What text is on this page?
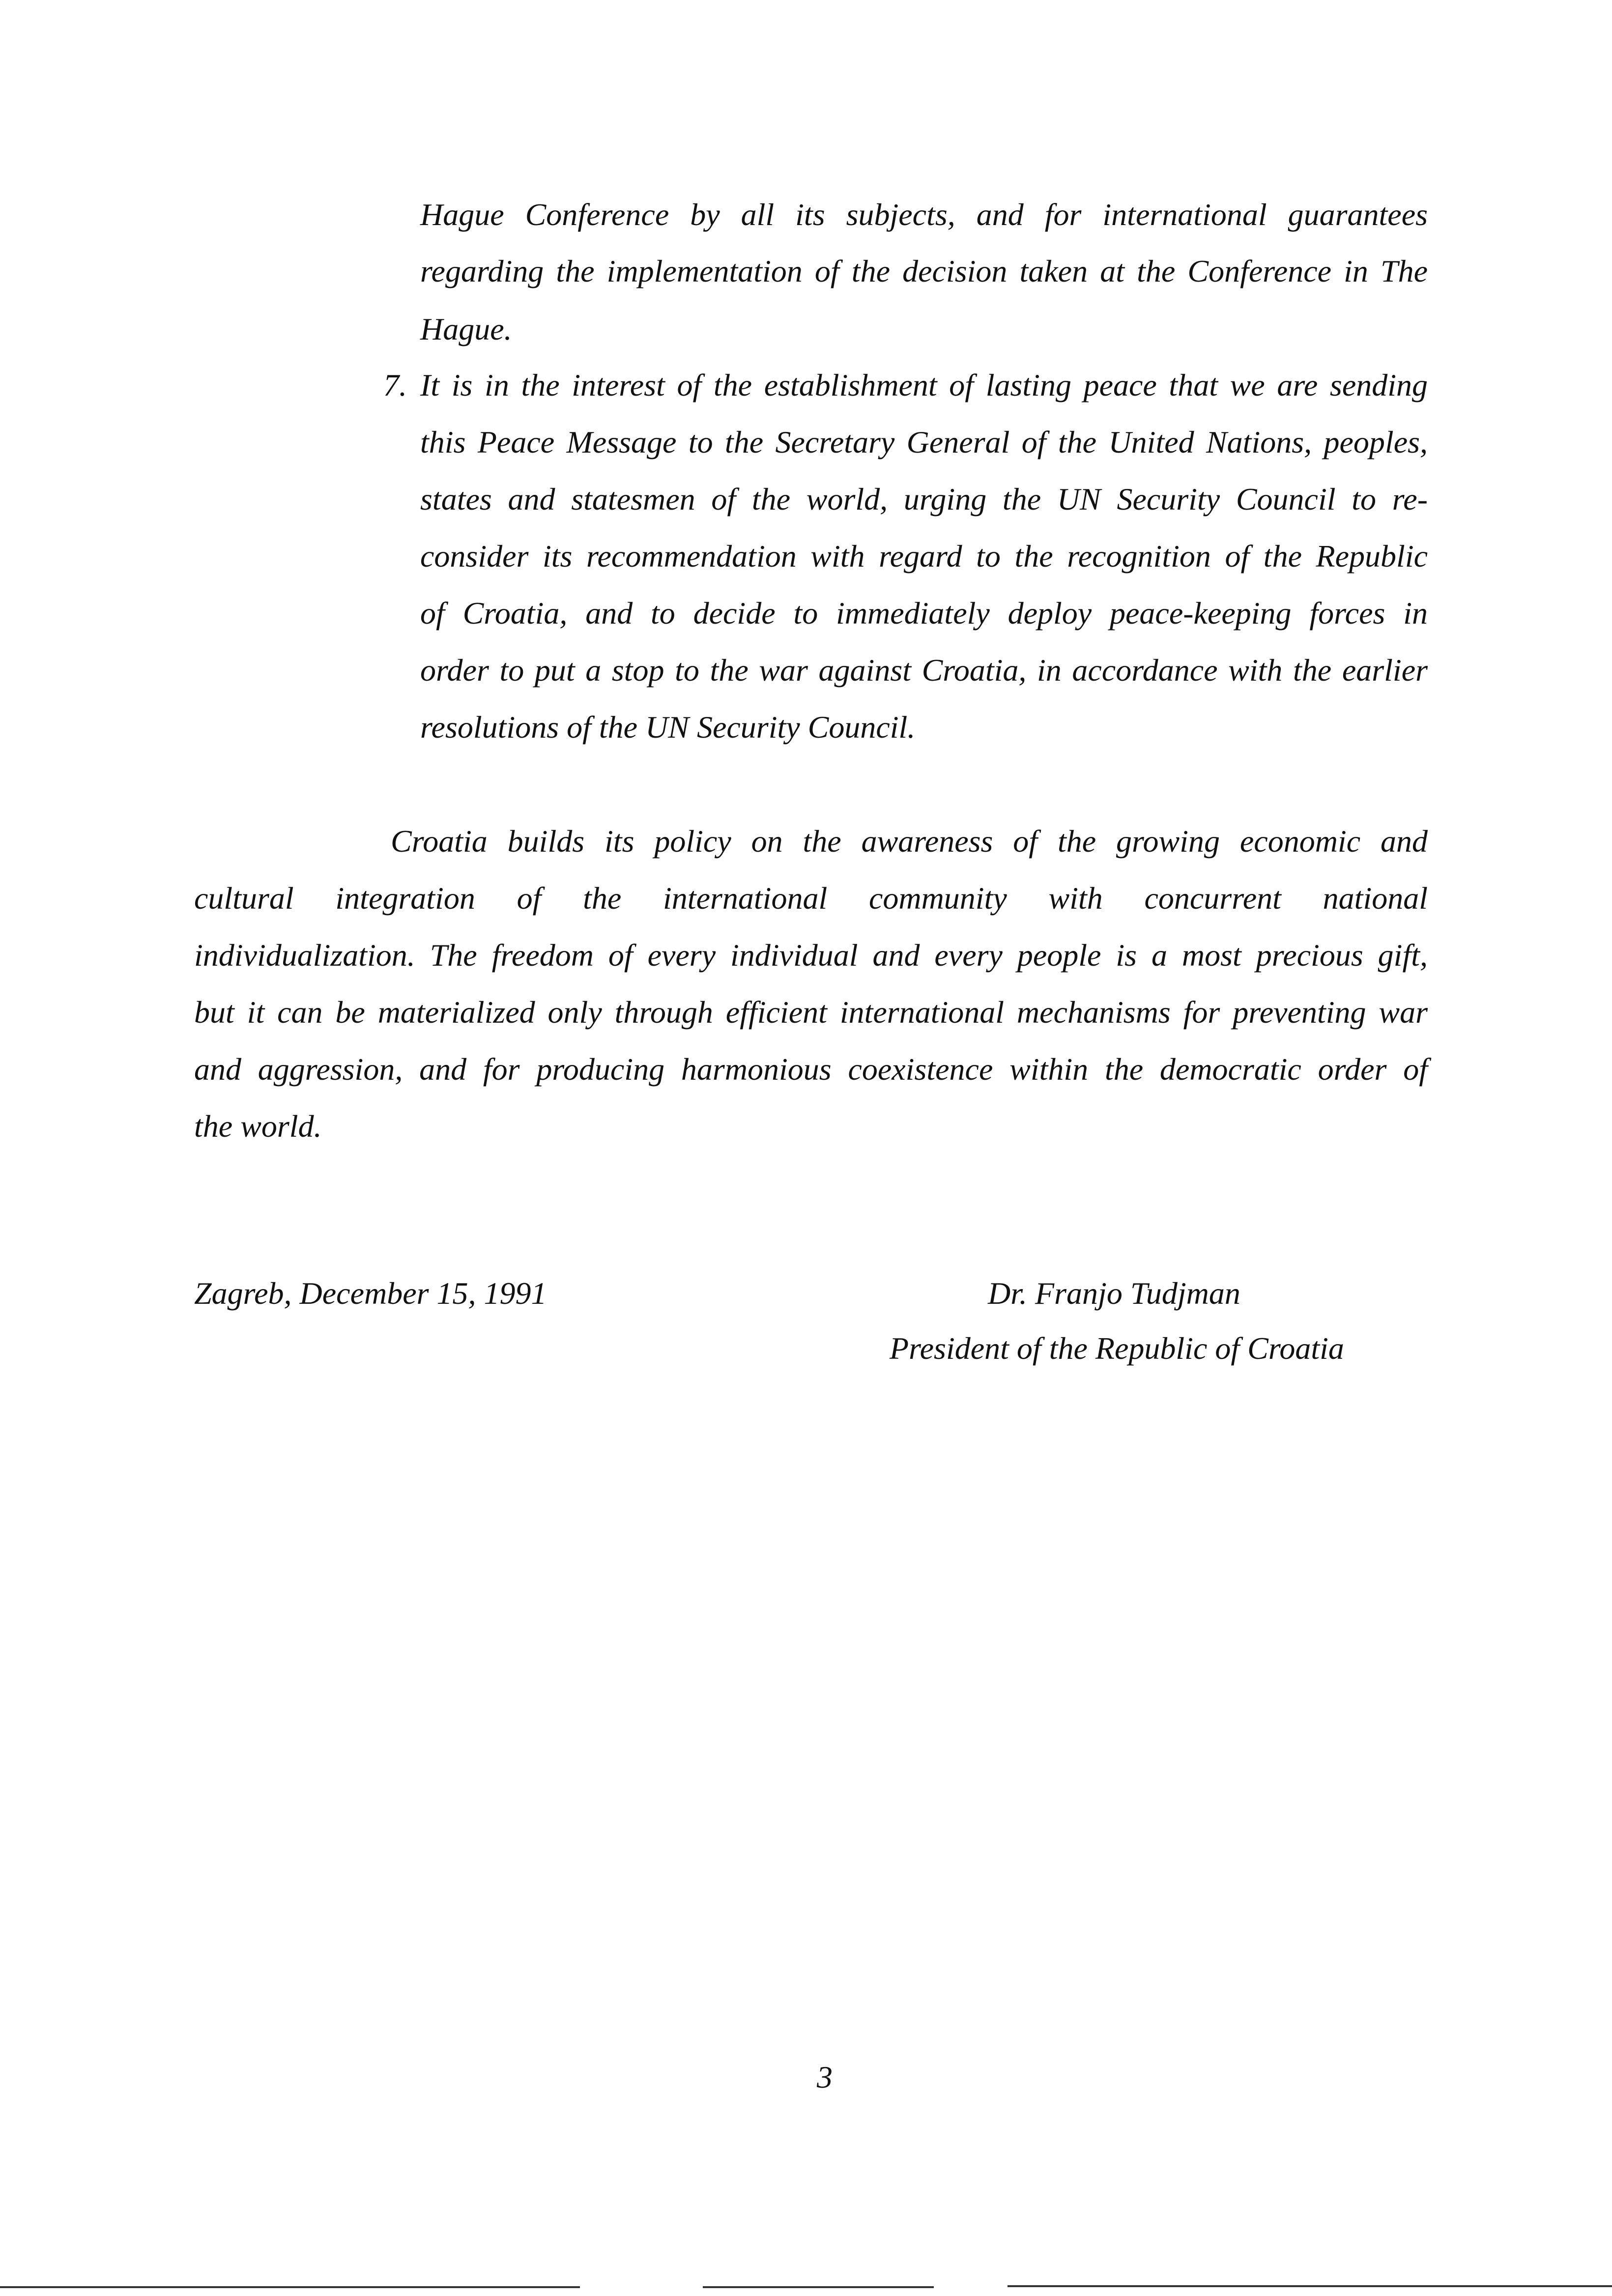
Hague Conference by all its subjects, and for international guarantees
regarding the implementation of the decision taken at the Conference in The
Hague.
7. It is in the interest of the establishment of lasting peace that we are sending
this Peace Message to the Secretary General of the United Nations, peoples,
states and statesmen of the world, urging the UN Security Council to re-
consider its recommendation with regard to the recognition of the Republic
of Croatia, and to decide to immediately deploy peace-keeping forces in
order to put a stop to the war against Croatia, in accordance with the earlier
resolutions of the UN Security Council.
Croatia builds its policy on the awareness of the growing economic and
cultural integration of the international community with concurrent national
individualization. The freedom of every individual and every people is a most precious gift,
but it can be materialized only through efficient international mechanisms for preventing war
and aggression, and for producing harmonious coexistence within the democratic order of
the world.
Zagreb, December 15, 1991	Dr. Franjo Tudjman
President of the Republic of Croatia
3
